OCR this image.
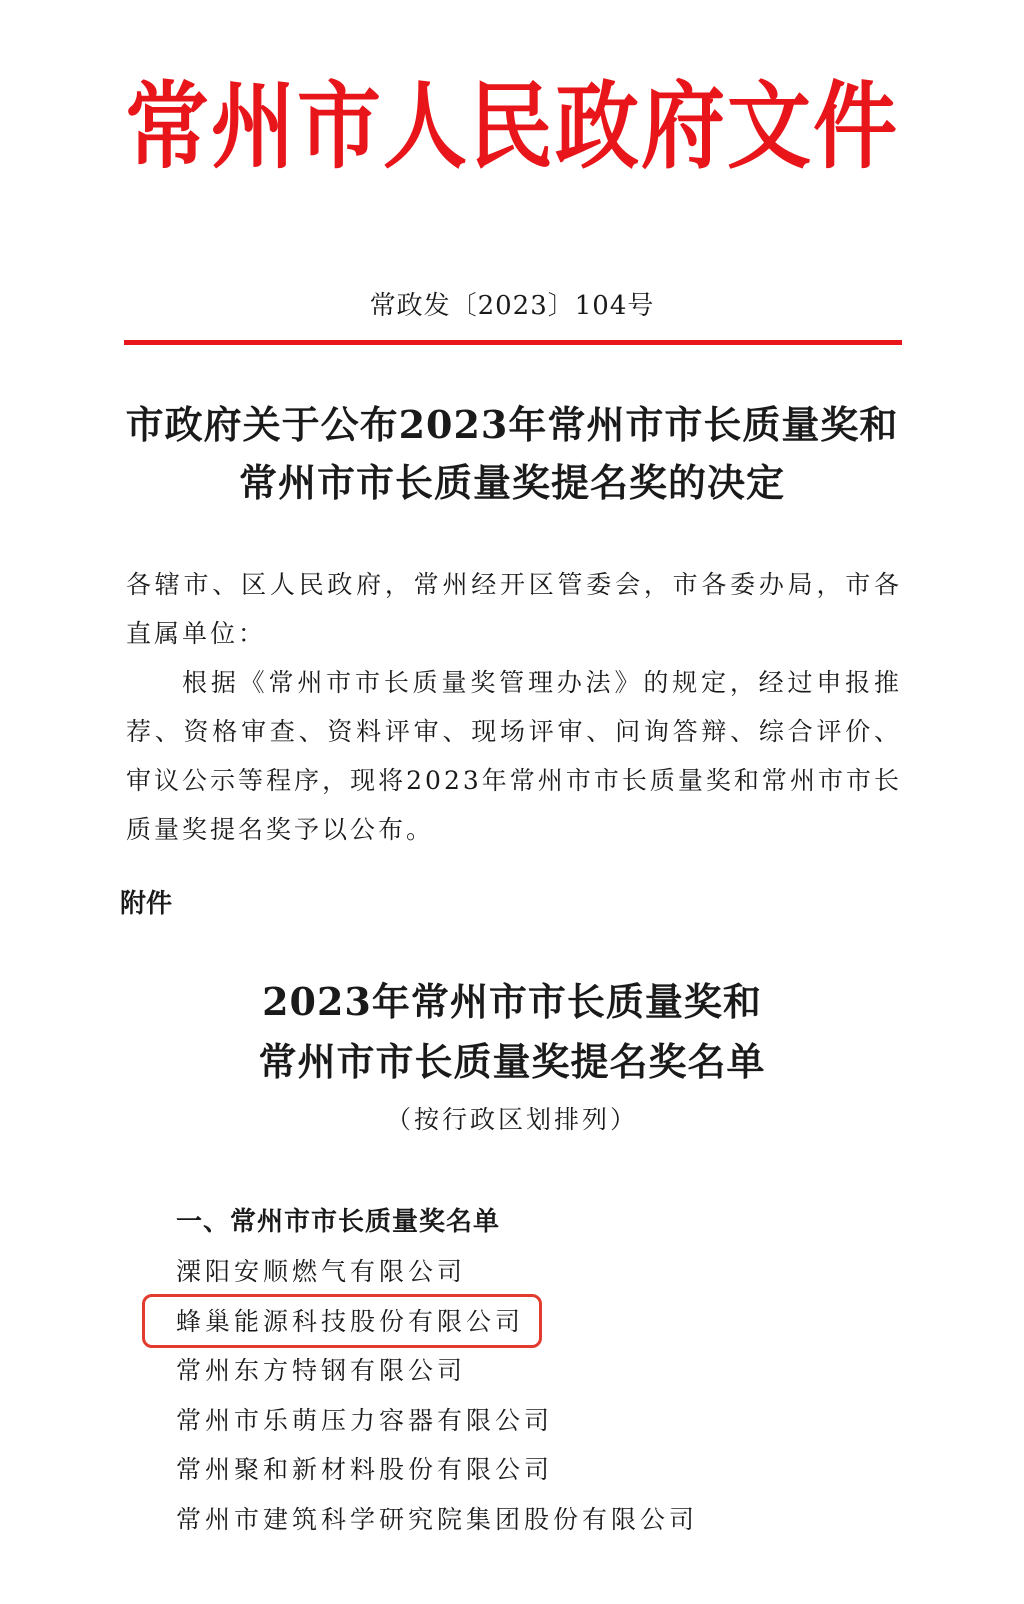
常州市人民政府文件
常政发〔2023〕104号
市政府关于公布2023年常州市市长质量奖和
常州市市长质量奖提名奖的决定

各辖市、区人民政府，常州经开区管委会，市各委办局，市各直属单位：

根据《常州市市长质量奖管理办法》的规定，经过申报推荐、资格审查、资料评审、现场评审、问询答辩、综合评价、审议公示等程序，现将2023年常州市市长质量奖和常州市市长质量奖提名奖予以公布。

附件
2023年常州市市长质量奖和
常州市市长质量奖提名奖名单
（按行政区划排列）
一、常州市市长质量奖名单
溧阳安顺燃气有限公司
蜂巢能源科技股份有限公司
常州东方特钢有限公司
常州市乐萌压力容器有限公司
常州聚和新材料股份有限公司
常州市建筑科学研究院集团股份有限公司
